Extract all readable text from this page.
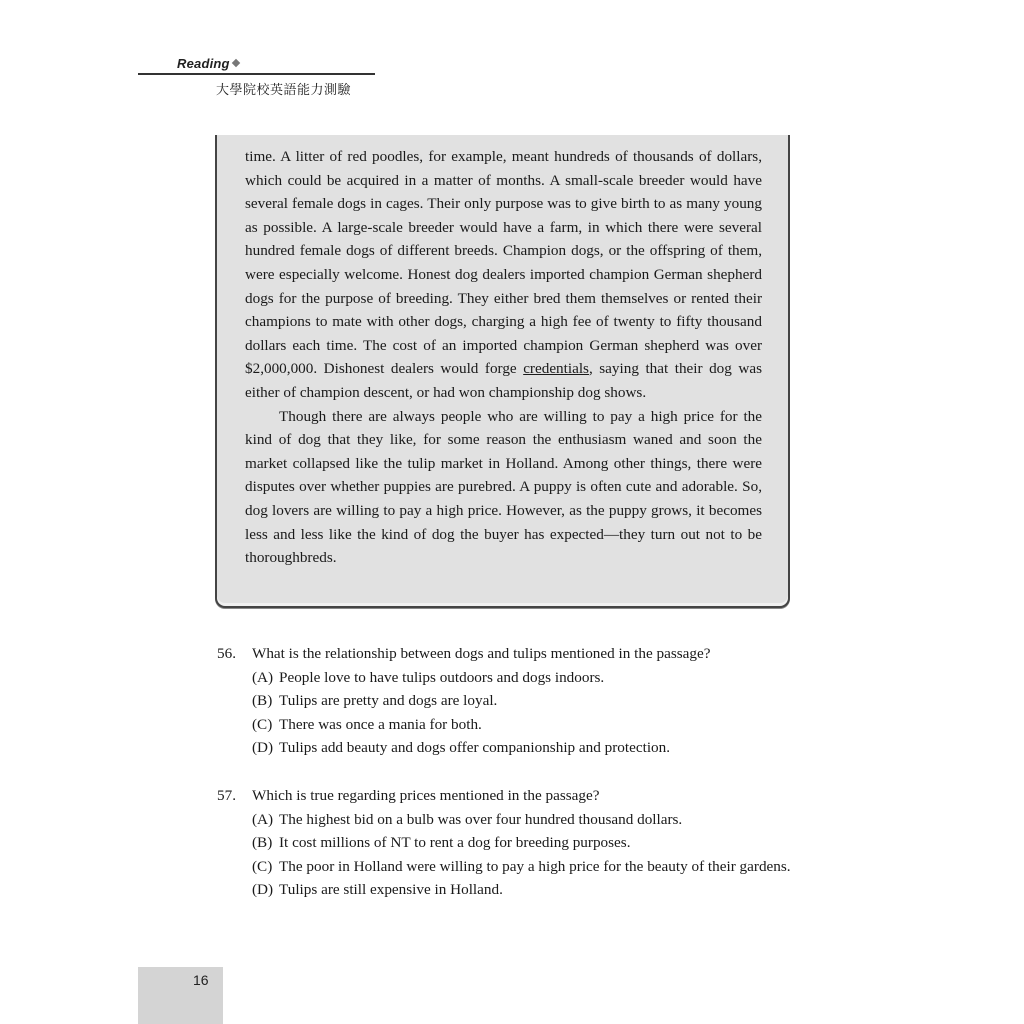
Reading
大學院校英語能力測驗

time. A litter of red poodles, for example, meant hundreds of thousands of dollars, which could be acquired in a matter of months. A small-scale breeder would have several female dogs in cages. Their only purpose was to give birth to as many young as possible. A large-scale breeder would have a farm, in which there were several hundred female dogs of different breeds. Champion dogs, or the offspring of them, were especially welcome. Honest dog dealers imported champion German shepherd dogs for the purpose of breeding. They either bred them themselves or rented their champions to mate with other dogs, charging a high fee of twenty to fifty thousand dollars each time. The cost of an imported champion German shepherd was over $2,000,000. Dishonest dealers would forge credentials, saying that their dog was either of champion descent, or had won championship dog shows.

Though there are always people who are willing to pay a high price for the kind of dog that they like, for some reason the enthusiasm waned and soon the market collapsed like the tulip market in Holland. Among other things, there were disputes over whether puppies are purebred. A puppy is often cute and adorable. So, dog lovers are willing to pay a high price. However, as the puppy grows, it becomes less and less like the kind of dog the buyer has expected—they turn out not to be thoroughbreds.

56. What is the relationship between dogs and tulips mentioned in the passage?
(A) People love to have tulips outdoors and dogs indoors.
(B) Tulips are pretty and dogs are loyal.
(C) There was once a mania for both.
(D) Tulips add beauty and dogs offer companionship and protection.
57. Which is true regarding prices mentioned in the passage?
(A) The highest bid on a bulb was over four hundred thousand dollars.
(B) It cost millions of NT to rent a dog for breeding purposes.
(C) The poor in Holland were willing to pay a high price for the beauty of their gardens.
(D) Tulips are still expensive in Holland.
16
